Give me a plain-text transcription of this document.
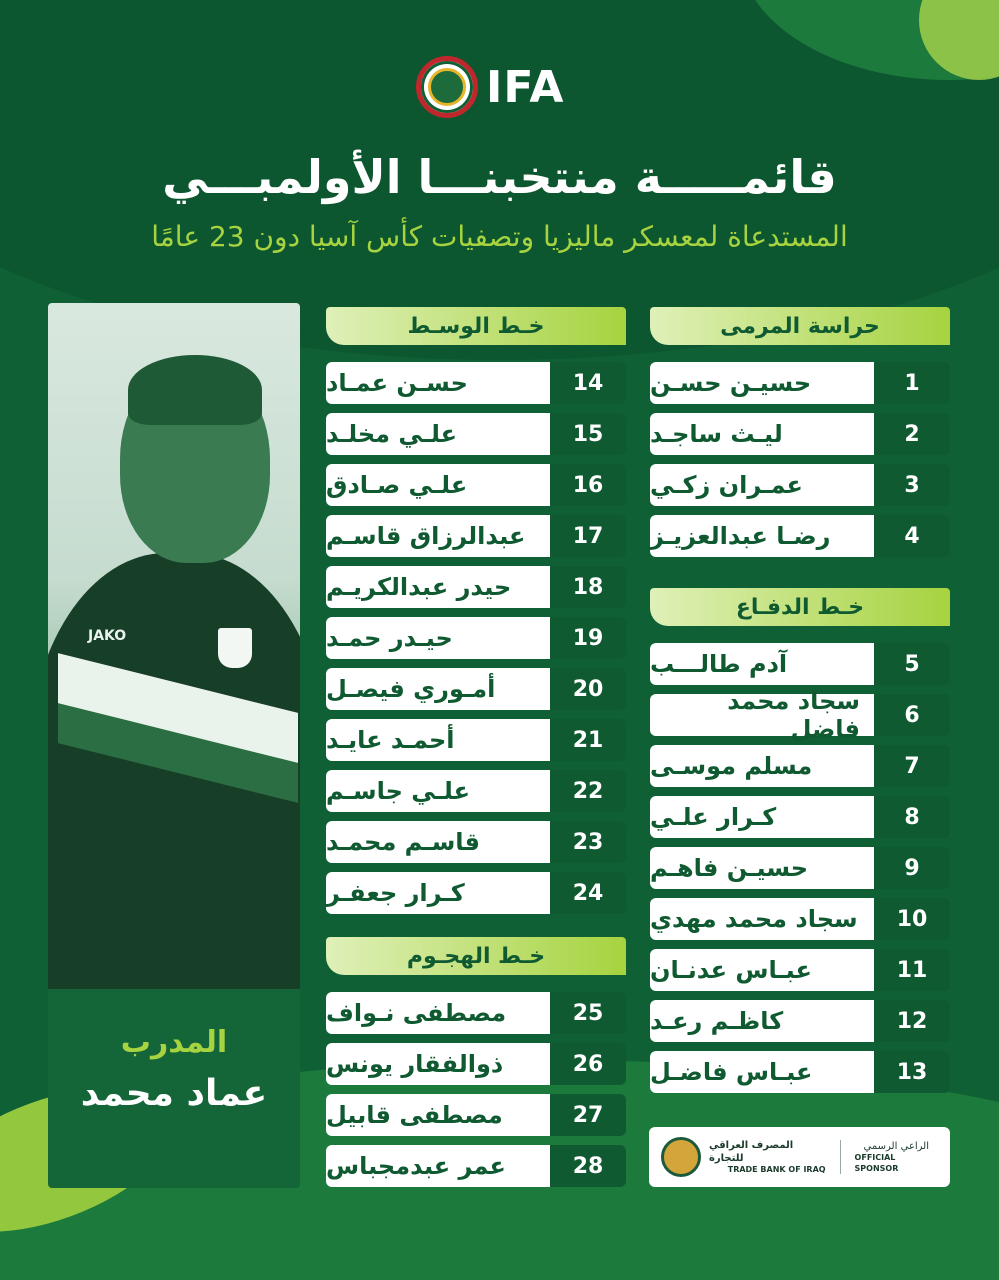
IFA
قائمـــــة منتخبنـــا الأولمبـــي
المستدعاة لمعسكر ماليزيا وتصفيات كأس آسيا دون 23 عامًا
JAKO
المدرب
عماد محمد
حراسة المرمى
حسيـن حسـن	1
ليـث ساجـد	2
عمـران زكـي	3
رضـا عبدالعزيـز	4
خـط الدفـاع
آدم طالـــب	5
سجاد محمد فاضل	6
مسلم موسـى	7
كـرار علـي	8
حسيـن فاهـم	9
سجاد محمد مهدي	10
عبـاس عدنـان	11
كاظـم رعـد	12
عبـاس فاضـل	13
خـط الوسـط
حسـن عمـاد	14
علـي مخلـد	15
علـي صـادق	16
عبدالرزاق قاسـم	17
حيدر عبدالكريـم	18
حيـدر حمـد	19
أمـوري فيصـل	20
أحمـد عايـد	21
علـي جاسـم	22
قاسـم محمـد	23
كـرار جعفـر	24
خـط الهجـوم
مصطفى نـواف	25
ذوالفقار يونس	26
مصطفى قابيل	27
عمر عبدمجباس	28
المصرف العراقي للتجارة
TRADE BANK OF IRAQ
الراعي الرسمي
OFFICIAL SPONSOR
